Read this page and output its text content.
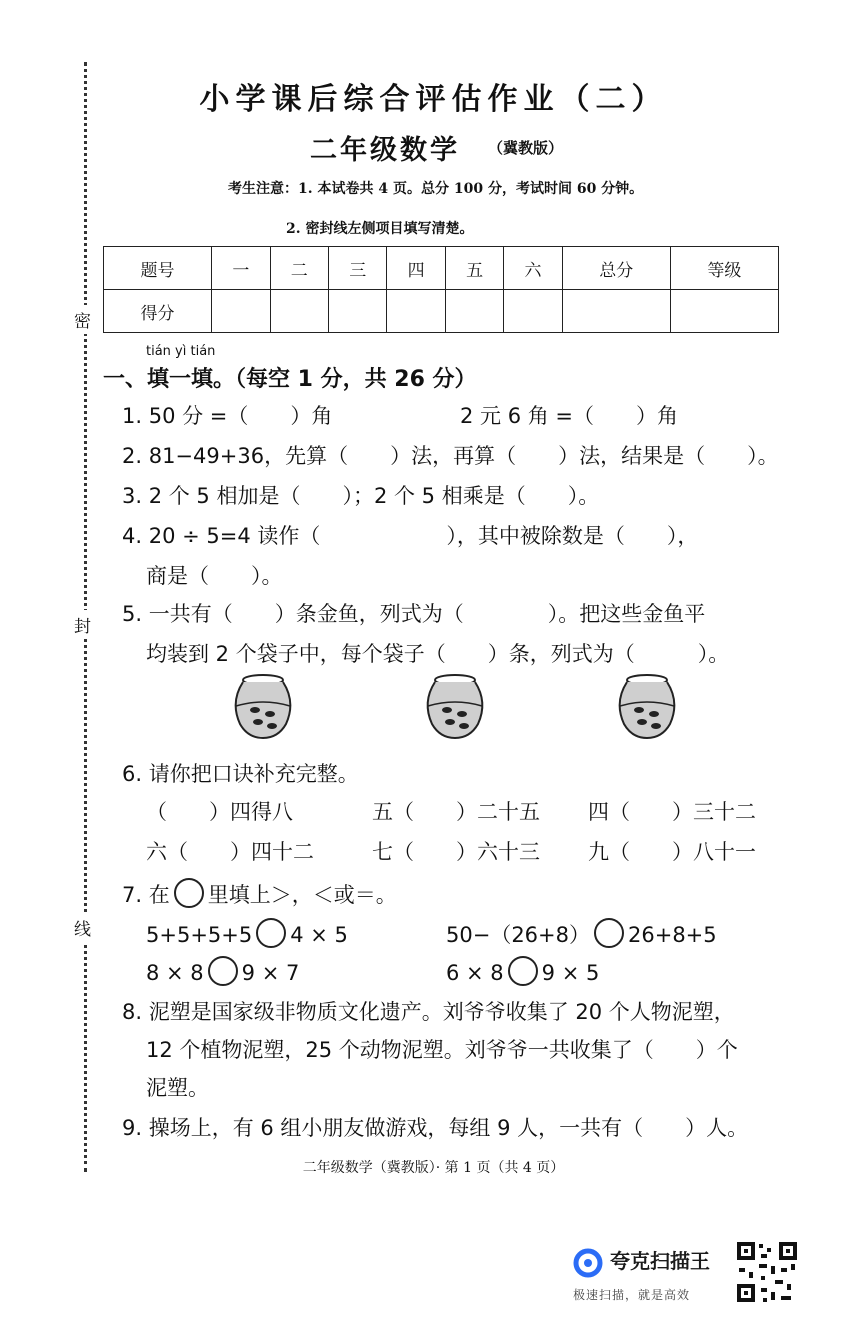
密
封
线
小学课后综合评估作业（二）
二年级数学 （冀教版）
考生注意：1. 本试卷共 4 页。总分 100 分，考试时间 60 分钟。
2. 密封线左侧项目填写清楚。
题号	一	二	三	四	五	六	总分	等级
得分								
tián yì tián
一、填一填。（每空 1 分，共 26 分）
1. 50 分 =（　　）角	2 元 6 角 =（　　）角
2. 81−49+36，先算（　　）法，再算（　　）法，结果是（　　）。
3. 2 个 5 相加是（　　）；2 个 5 相乘是（　　）。
4. 20 ÷ 5=4 读作（　　　　　　），其中被除数是（　　），
商是（　　）。
5. 一共有（　　）条金鱼，列式为（　　　　）。把这些金鱼平
均装到 2 个袋子中，每个袋子（　　）条，列式为（　　　）。
6. 请你把口诀补充完整。
（　　）四得八	五（　　）二十五 四（　　）三十二
六（　　）四十二	七（　　）六十三 九（　　）八十一
7. 在 里填上＞，＜或＝。
5+5+5+5 4 × 5	50−（26+8） 26+8+5
8 × 8 9 × 7	6 × 8 9 × 5
8. 泥塑是国家级非物质文化遗产。刘爷爷收集了 20 个人物泥塑，
12 个植物泥塑，25 个动物泥塑。刘爷爷一共收集了（　　）个
泥塑。
9. 操场上，有 6 组小朋友做游戏，每组 9 人，一共有（　　）人。
二年级数学（冀教版）· 第 1 页（共 4 页）
夸克扫描王
极速扫描，就是高效
